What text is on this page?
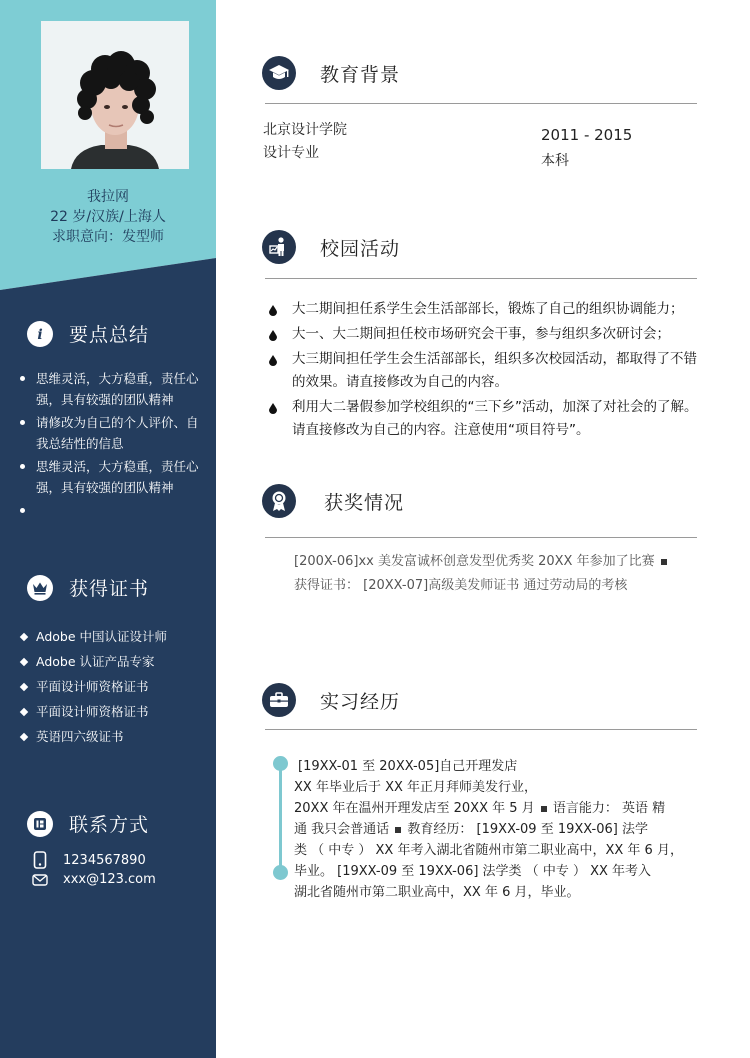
我拉网
22 岁/汉族/上海人
求职意向：发型师
i 要点总结
思维灵活，大方稳重，责任心强，具有较强的团队精神
请修改为自己的个人评价、自我总结性的信息
思维灵活，大方稳重，责任心强，具有较强的团队精神
获得证书
Adobe 中国认证设计师
Adobe 认证产品专家
平面设计师资格证书
平面设计师资格证书
英语四六级证书
联系方式
1234567890
xxx@123.com
教育背景
北京设计学院
设计专业
2011 - 2015
本科
校园活动
大二期间担任系学生会生活部部长，锻炼了自己的组织协调能力；
大一、大二期间担任校市场研究会干事，参与组织多次研讨会；
大三期间担任学生会生活部部长，组织多次校园活动，都取得了不错的效果。请直接修改为自己的内容。
利用大二暑假参加学校组织的“三下乡”活动，加深了对社会的了解。请直接修改为自己的内容。注意使用“项目符号”。
获奖情况
[200X-06]xx 美发富诚杯创意发型优秀奖 20XX 年参加了比赛
获得证书： [20XX-07]高级美发师证书 通过劳动局的考核
实习经历

[19XX-01 至 20XX-05]自己开理发店

XX 年毕业后于 XX 年正月拜师美发行业，

20XX 年在温州开理发店至 20XX 年 5 月 语言能力： 英语 精

通 我只会普通话 教育经历： [19XX-09 至 19XX-06] 法学

类 （ 中专 ） XX 年考入湖北省随州市第二职业高中，XX 年 6 月，

毕业。 [19XX-09 至 19XX-06] 法学类 （ 中专 ） XX 年考入

湖北省随州市第二职业高中，XX 年 6 月，毕业。
